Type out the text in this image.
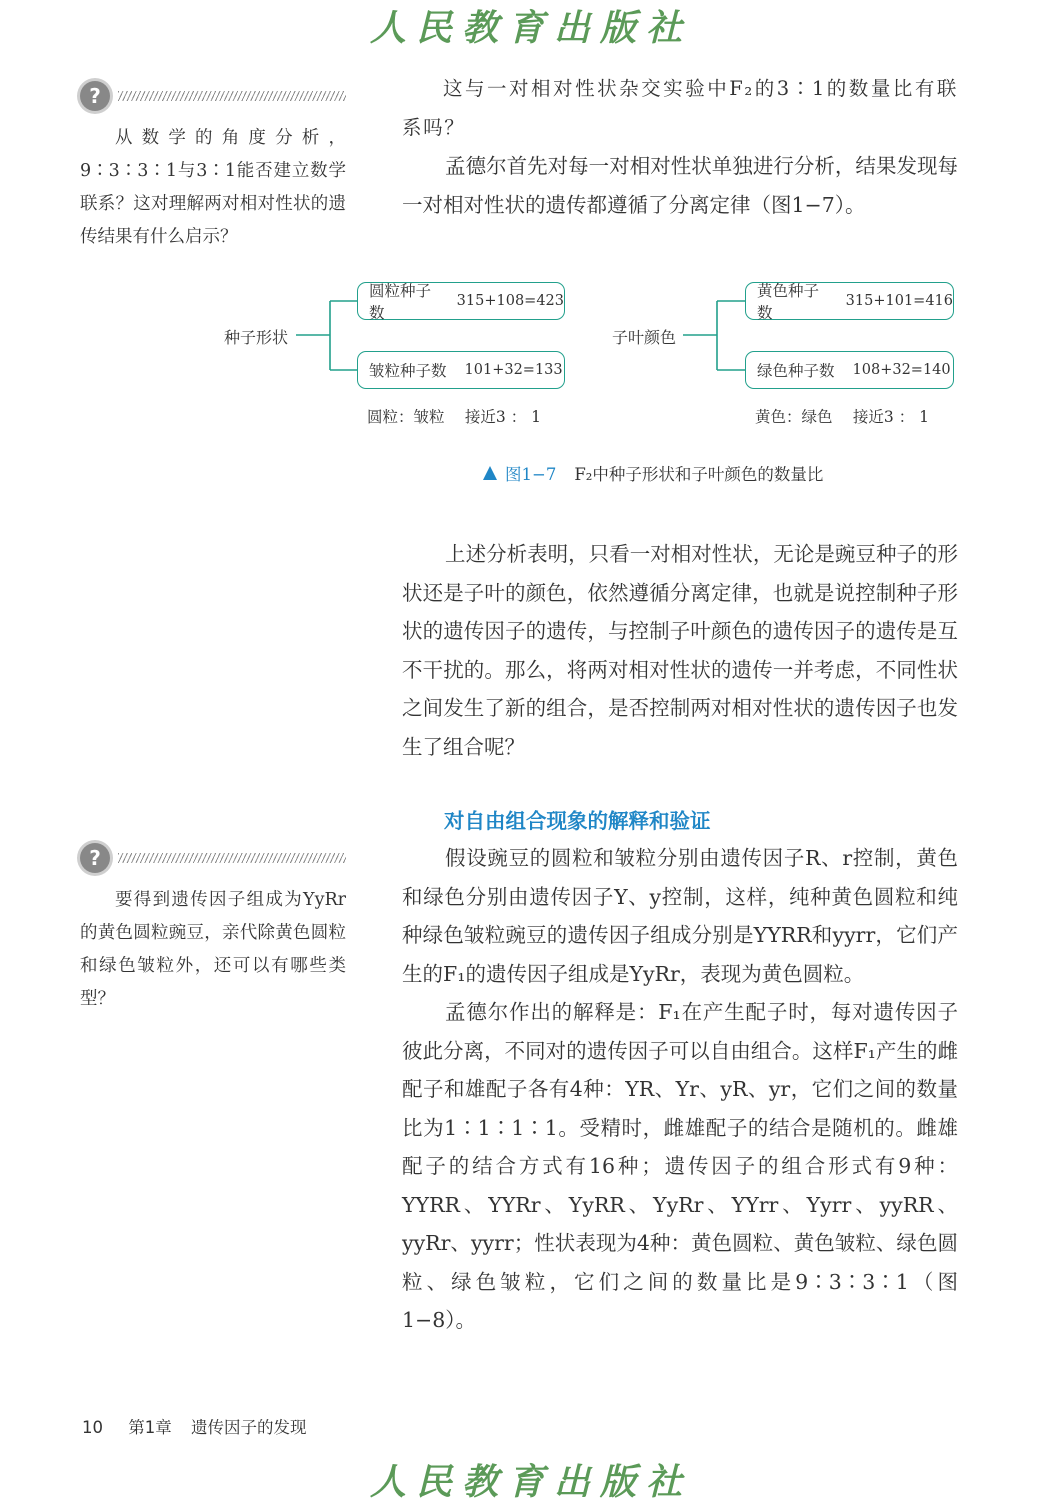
人民教育出版社
?

从数学的角度分析，9∶3∶3∶1与3∶1能否建立数学联系？这对理解两对相对性状的遗传结果有什么启示？

这与一对相对性状杂交实验中F₂的3∶1的数量比有联系吗？

孟德尔首先对每一对相对性状单独进行分析，结果发现每一对相对性状的遗传都遵循了分离定律（图1−7）。

种子形状
圆粒种子数
315+108=423
皱粒种子数 101+32=133
圆粒：皱粒　 接近3 ： 1
子叶颜色
黄色种子数
315+101=416
绿色种子数 108+32=140
黄色：绿色　 接近3 ： 1
图1−7 F₂中种子形状和子叶颜色的数量比

上述分析表明，只看一对相对性状，无论是豌豆种子的形状还是子叶的颜色，依然遵循分离定律，也就是说控制种子形状的遗传因子的遗传，与控制子叶颜色的遗传因子的遗传是互不干扰的。那么，将两对相对性状的遗传一并考虑，不同性状之间发生了新的组合，是否控制两对相对性状的遗传因子也发生了组合呢？

对自由组合现象的解释和验证
?

要得到遗传因子组成为YyRr的黄色圆粒豌豆，亲代除黄色圆粒和绿色皱粒外，还可以有哪些类型？

假设豌豆的圆粒和皱粒分别由遗传因子R、r控制，黄色和绿色分别由遗传因子Y、y控制，这样，纯种黄色圆粒和纯种绿色皱粒豌豆的遗传因子组成分别是YYRR和yyrr，它们产生的F₁的遗传因子组成是YyRr，表现为黄色圆粒。

孟德尔作出的解释是：F₁在产生配子时，每对遗传因子彼此分离，不同对的遗传因子可以自由组合。这样F₁产生的雌配子和雄配子各有4种：YR、Yr、yR、yr，它们之间的数量比为1∶1∶1∶1。受精时，雌雄配子的结合是随机的。雌雄配子的结合方式有16种；遗传因子的组合形式有9种：YYRR、YYRr、YyRR、YyRr、YYrr、Yyrr、yyRR、yyRr、yyrr；性状表现为4种：黄色圆粒、黄色皱粒、绿色圆粒、绿色皱粒，它们之间的数量比是9∶3∶3∶1（图1−8）。

10 第1章 遗传因子的发现
人民教育出版社
